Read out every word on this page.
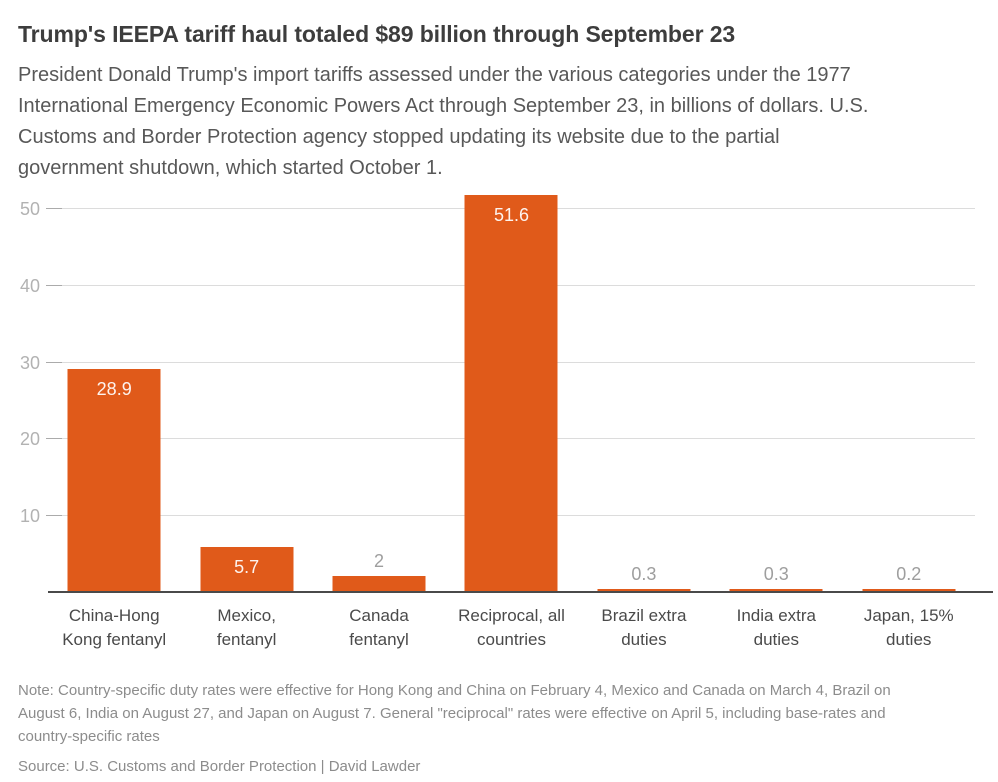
Trump's IEEPA tariff haul totaled $89 billion through September 23
President Donald Trump's import tariffs assessed under the various categories under the 1977
International Emergency Economic Powers Act through September 23, in billions of dollars. U.S.
Customs and Border Protection agency stopped updating its website due to the partial
government shutdown, which started October 1.
10
20
30
40
50
28.9
5.7	2
51.6
0.3	0.3	0.2
China-Hong
Kong fentanyl
Mexico,
fentanyl
Canada
fentanyl
Reciprocal, all
countries
Brazil extra
duties
India extra
duties
Japan, 15%
duties
Note: Country-specific duty rates were effective for Hong Kong and China on February 4, Mexico and Canada on March 4, Brazil on
August 6, India on August 27, and Japan on August 7. General "reciprocal" rates were effective on April 5, including base-rates and
country-specific rates
Source: U.S. Customs and Border Protection | David Lawder
